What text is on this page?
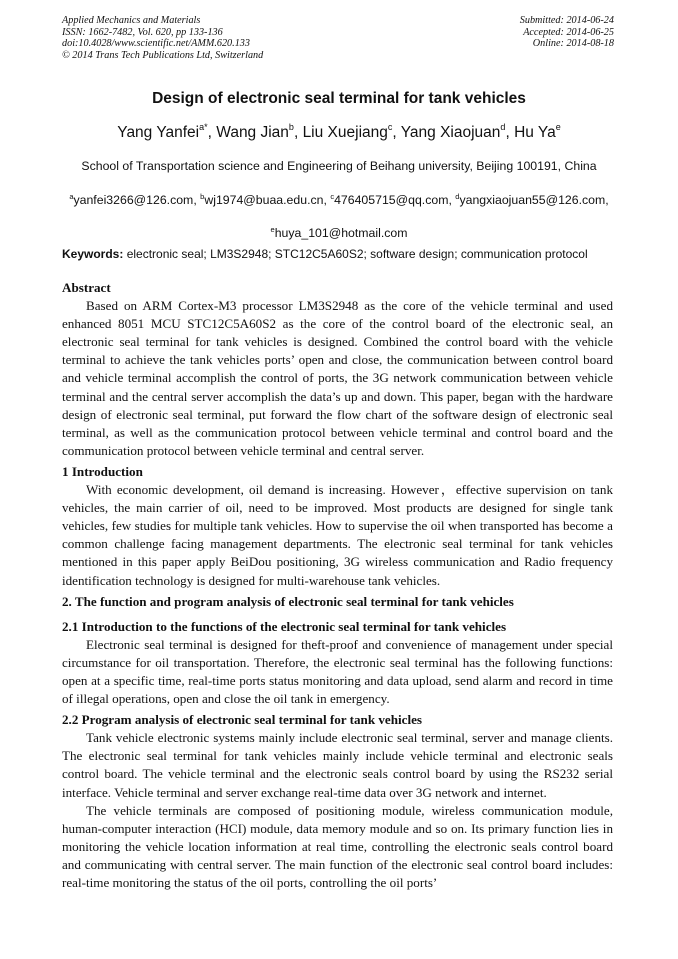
Applied Mechanics and Materials
ISSN: 1662-7482, Vol. 620, pp 133-136
doi:10.4028/www.scientific.net/AMM.620.133
© 2014 Trans Tech Publications Ltd, Switzerland
Submitted: 2014-06-24
Accepted: 2014-06-25
Online: 2014-08-18
Design of electronic seal terminal for tank vehicles
Yang Yanfei$^{a*}$, Wang Jian$^b$, Liu Xuejiang$^c$, Yang Xiaojuan$^d$, Hu Ya$^e$
School of Transportation science and Engineering of Beihang university, Beijing 100191, China
$^a$yanfei3266@126.com, $^b$wj1974@buaa.edu.cn, $^c$476405715@qq.com, $^d$yangxiaojuan55@126.com,
$^e$huya_101@hotmail.com
Keywords: electronic seal; LM3S2948; STC12C5A60S2; software design; communication protocol
Abstract

Based on ARM Cortex-M3 processor LM3S2948 as the core of the vehicle terminal and used enhanced 8051 MCU STC12C5A60S2 as the core of the control board of the electronic seal, an electronic seal terminal for tank vehicles is designed. Combined the control board with the vehicle terminal to achieve the tank vehicles ports’ open and close, the communication between control board and vehicle terminal accomplish the control of ports, the 3G network communication between vehicle terminal and the central server accomplish the data’s up and down. This paper, began with the hardware design of electronic seal terminal, put forward the flow chart of the software design of electronic seal terminal, as well as the communication protocol between vehicle terminal and control board and the communication protocol between vehicle terminal and central server.

1 Introduction

With economic development, oil demand is increasing. However，effective supervision on tank vehicles, the main carrier of oil, need to be improved. Most products are designed for single tank vehicles, few studies for multiple tank vehicles. How to supervise the oil when transported has become a common challenge facing management departments. The electronic seal terminal for tank vehicles mentioned in this paper apply BeiDou positioning, 3G wireless communication and Radio frequency identification technology is designed for multi-warehouse tank vehicles.

2. The function and program analysis of electronic seal terminal for tank vehicles
2.1 Introduction to the functions of the electronic seal terminal for tank vehicles

Electronic seal terminal is designed for theft-proof and convenience of management under special circumstance for oil transportation. Therefore, the electronic seal terminal has the following functions: open at a specific time, real-time ports status monitoring and data upload, send alarm and record in time of illegal operations, open and close the oil tank in emergency.

2.2 Program analysis of electronic seal terminal for tank vehicles

Tank vehicle electronic systems mainly include electronic seal terminal, server and manage clients. The electronic seal terminal for tank vehicles mainly include vehicle terminal and electronic seals control board. The vehicle terminal and the electronic seals control board by using the RS232 serial interface. Vehicle terminal and server exchange real-time data over 3G network and internet.

The vehicle terminals are composed of positioning module, wireless communication module, human-computer interaction (HCI) module, data memory module and so on. Its primary function lies in monitoring the vehicle location information at real time, controlling the electronic seals control board and communicating with central server. The main function of the electronic seal control board includes: real-time monitoring the status of the oil ports, controlling the oil ports’
